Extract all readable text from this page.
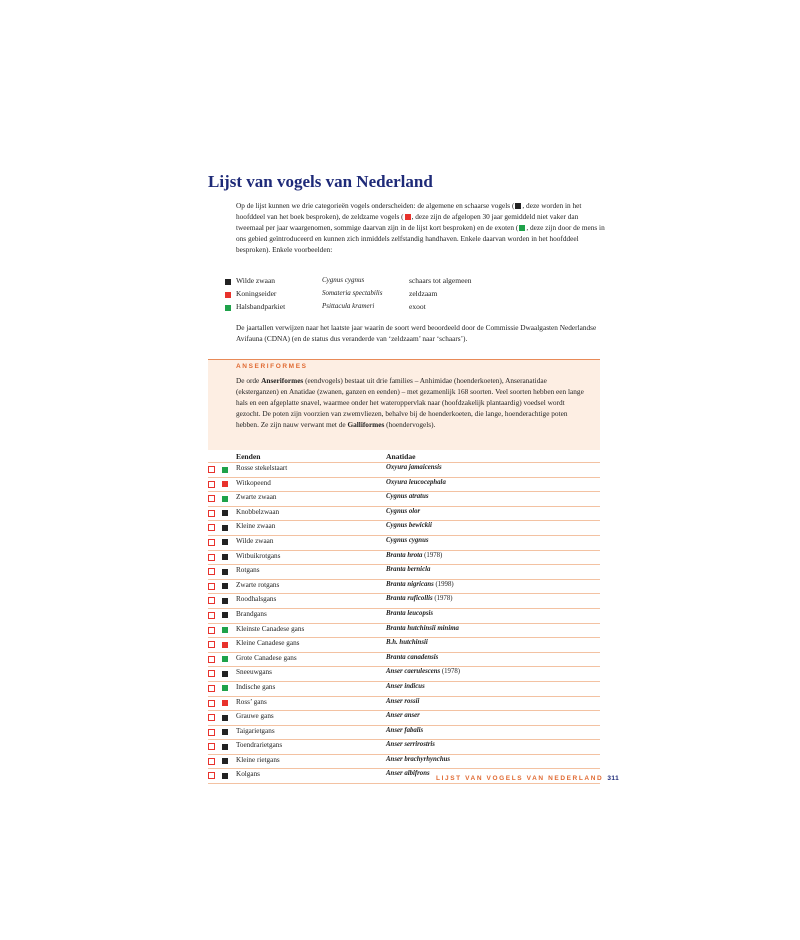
Lijst van vogels van Nederland

Op de lijst kunnen we drie categorieën vogels onderscheiden: de algemene en schaarse vogels ( , deze worden in het hoofddeel van het boek besproken), de zeldzame vogels ( , deze zijn de afgelopen 30 jaar gemiddeld niet vaker dan tweemaal per jaar waargenomen, sommige daarvan zijn in de lijst kort besproken) en de exoten ( , deze zijn door de mens in ons gebied geïntroduceerd en kunnen zich inmiddels zelfstandig handhaven. Enkele daarvan worden in het hoofddeel besproken). Enkele voorbeelden:

Wilde zwaan	Cygnus cygnus	schaars tot algemeen
Koningseider	Somateria spectabilis	zeldzaam
Halsbandparkiet	Psittacula krameri	exoot

De jaartallen verwijzen naar het laatste jaar waarin de soort werd beoordeeld door de Commissie Dwaalgasten Nederlandse Avifauna (CDNA) (en de status dus veranderde van ‘zeldzaam’ naar ‘schaars’).

ANSERIFORMES

De orde Anseriformes (eendvogels) bestaat uit drie families – Anhimidae (hoenderkoeten), Anseranatidae (eksterganzen) en Anatidae (zwanen, ganzen en eenden) – met gezamenlijk 168 soorten. Veel soorten hebben een lange hals en een afgeplatte snavel, waarmee onder het wateroppervlak naar (hoofdzakelijk plantaardig) voedsel wordt gezocht. De poten zijn voorzien van zwemvliezen, behalve bij de hoenderkoeten, die lange, hoenderachtige poten hebben. Ze zijn nauw verwant met de Galliformes (hoendervogels).

Eenden	Anatidae
Rosse stekelstaart	Oxyura jamaicensis
Witkopeend	Oxyura leucocephala
Zwarte zwaan	Cygnus atratus
Knobbelzwaan	Cygnus olor
Kleine zwaan	Cygnus bewickii
Wilde zwaan	Cygnus cygnus
Witbuikrotgans	Branta hrota (1978)
Rotgans	Branta bernicla
Zwarte rotgans	Branta nigricans (1998)
Roodhalsgans	Branta ruficollis (1978)
Brandgans	Branta leucopsis
Kleinste Canadese gans	Branta hutchinsii minima
Kleine Canadese gans	B.h. hutchinsii
Grote Canadese gans	Branta canadensis
Sneeuwgans	Anser caerulescens (1978)
Indische gans	Anser indicus
Ross’ gans	Anser rossii
Grauwe gans	Anser anser
Taigarietgans	Anser fabalis
Toendrarietgans	Anser serrirostris
Kleine rietgans	Anser brachyrhynchus
Kolgans	Anser albifrons
LIJST VAN VOGELS VAN NEDERLAND 311
